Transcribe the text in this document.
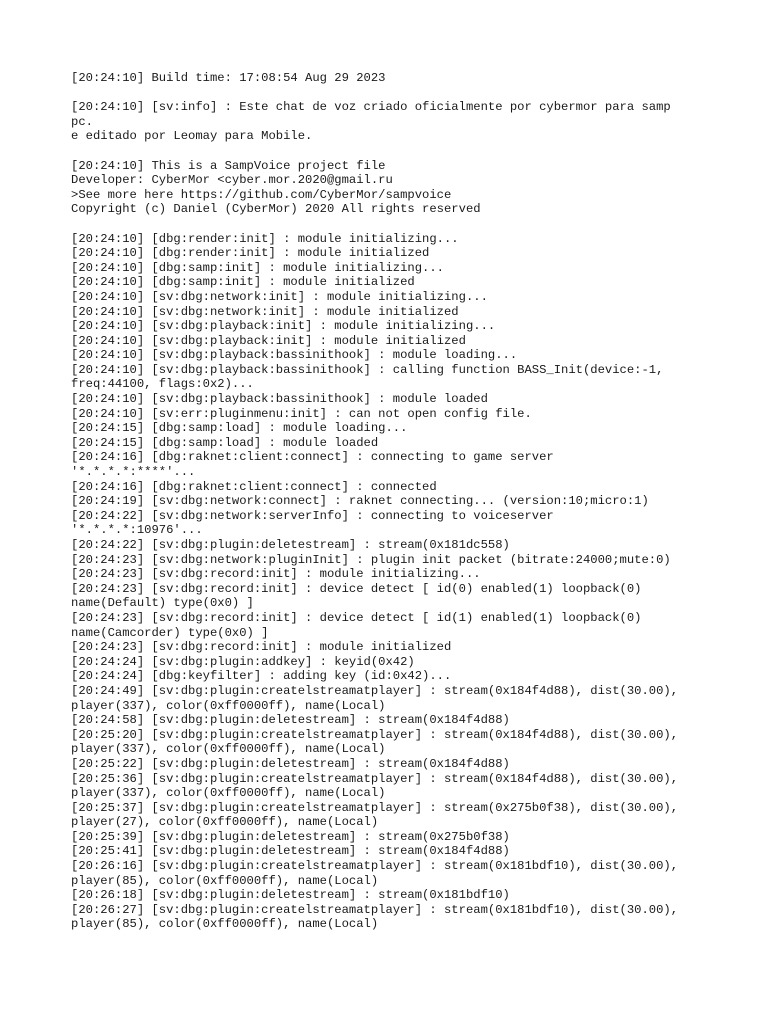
[20:24:10] Build time: 17:08:54 Aug 29 2023
[20:24:10] [sv:info] : Este chat de voz criado oficialmente por cybermor para samp
pc.
e editado por Leomay para Mobile.
[20:24:10] This is a SampVoice project file
Developer: CyberMor <cyber.mor.2020@gmail.ru
>See more here https://github.com/CyberMor/sampvoice
Copyright (c) Daniel (CyberMor) 2020 All rights reserved
[20:24:10] [dbg:render:init] : module initializing...
[20:24:10] [dbg:render:init] : module initialized
[20:24:10] [dbg:samp:init] : module initializing...
[20:24:10] [dbg:samp:init] : module initialized
[20:24:10] [sv:dbg:network:init] : module initializing...
[20:24:10] [sv:dbg:network:init] : module initialized
[20:24:10] [sv:dbg:playback:init] : module initializing...
[20:24:10] [sv:dbg:playback:init] : module initialized
[20:24:10] [sv:dbg:playback:bassinithook] : module loading...
[20:24:10] [sv:dbg:playback:bassinithook] : calling function BASS_Init(device:-1,
freq:44100, flags:0x2)...
[20:24:10] [sv:dbg:playback:bassinithook] : module loaded
[20:24:10] [sv:err:pluginmenu:init] : can not open config file.
[20:24:15] [dbg:samp:load] : module loading...
[20:24:15] [dbg:samp:load] : module loaded
[20:24:16] [dbg:raknet:client:connect] : connecting to game server
'*.*.*.*:****'...
[20:24:16] [dbg:raknet:client:connect] : connected
[20:24:19] [sv:dbg:network:connect] : raknet connecting... (version:10;micro:1)
[20:24:22] [sv:dbg:network:serverInfo] : connecting to voiceserver
'*.*.*.*:10976'...
[20:24:22] [sv:dbg:plugin:deletestream] : stream(0x181dc558)
[20:24:23] [sv:dbg:network:pluginInit] : plugin init packet (bitrate:24000;mute:0)
[20:24:23] [sv:dbg:record:init] : module initializing...
[20:24:23] [sv:dbg:record:init] : device detect [ id(0) enabled(1) loopback(0)
name(Default) type(0x0) ]
[20:24:23] [sv:dbg:record:init] : device detect [ id(1) enabled(1) loopback(0)
name(Camcorder) type(0x0) ]
[20:24:23] [sv:dbg:record:init] : module initialized
[20:24:24] [sv:dbg:plugin:addkey] : keyid(0x42)
[20:24:24] [dbg:keyfilter] : adding key (id:0x42)...
[20:24:49] [sv:dbg:plugin:createlstreamatplayer] : stream(0x184f4d88), dist(30.00),
player(337), color(0xff0000ff), name(Local)
[20:24:58] [sv:dbg:plugin:deletestream] : stream(0x184f4d88)
[20:25:20] [sv:dbg:plugin:createlstreamatplayer] : stream(0x184f4d88), dist(30.00),
player(337), color(0xff0000ff), name(Local)
[20:25:22] [sv:dbg:plugin:deletestream] : stream(0x184f4d88)
[20:25:36] [sv:dbg:plugin:createlstreamatplayer] : stream(0x184f4d88), dist(30.00),
player(337), color(0xff0000ff), name(Local)
[20:25:37] [sv:dbg:plugin:createlstreamatplayer] : stream(0x275b0f38), dist(30.00),
player(27), color(0xff0000ff), name(Local)
[20:25:39] [sv:dbg:plugin:deletestream] : stream(0x275b0f38)
[20:25:41] [sv:dbg:plugin:deletestream] : stream(0x184f4d88)
[20:26:16] [sv:dbg:plugin:createlstreamatplayer] : stream(0x181bdf10), dist(30.00),
player(85), color(0xff0000ff), name(Local)
[20:26:18] [sv:dbg:plugin:deletestream] : stream(0x181bdf10)
[20:26:27] [sv:dbg:plugin:createlstreamatplayer] : stream(0x181bdf10), dist(30.00),
player(85), color(0xff0000ff), name(Local)
